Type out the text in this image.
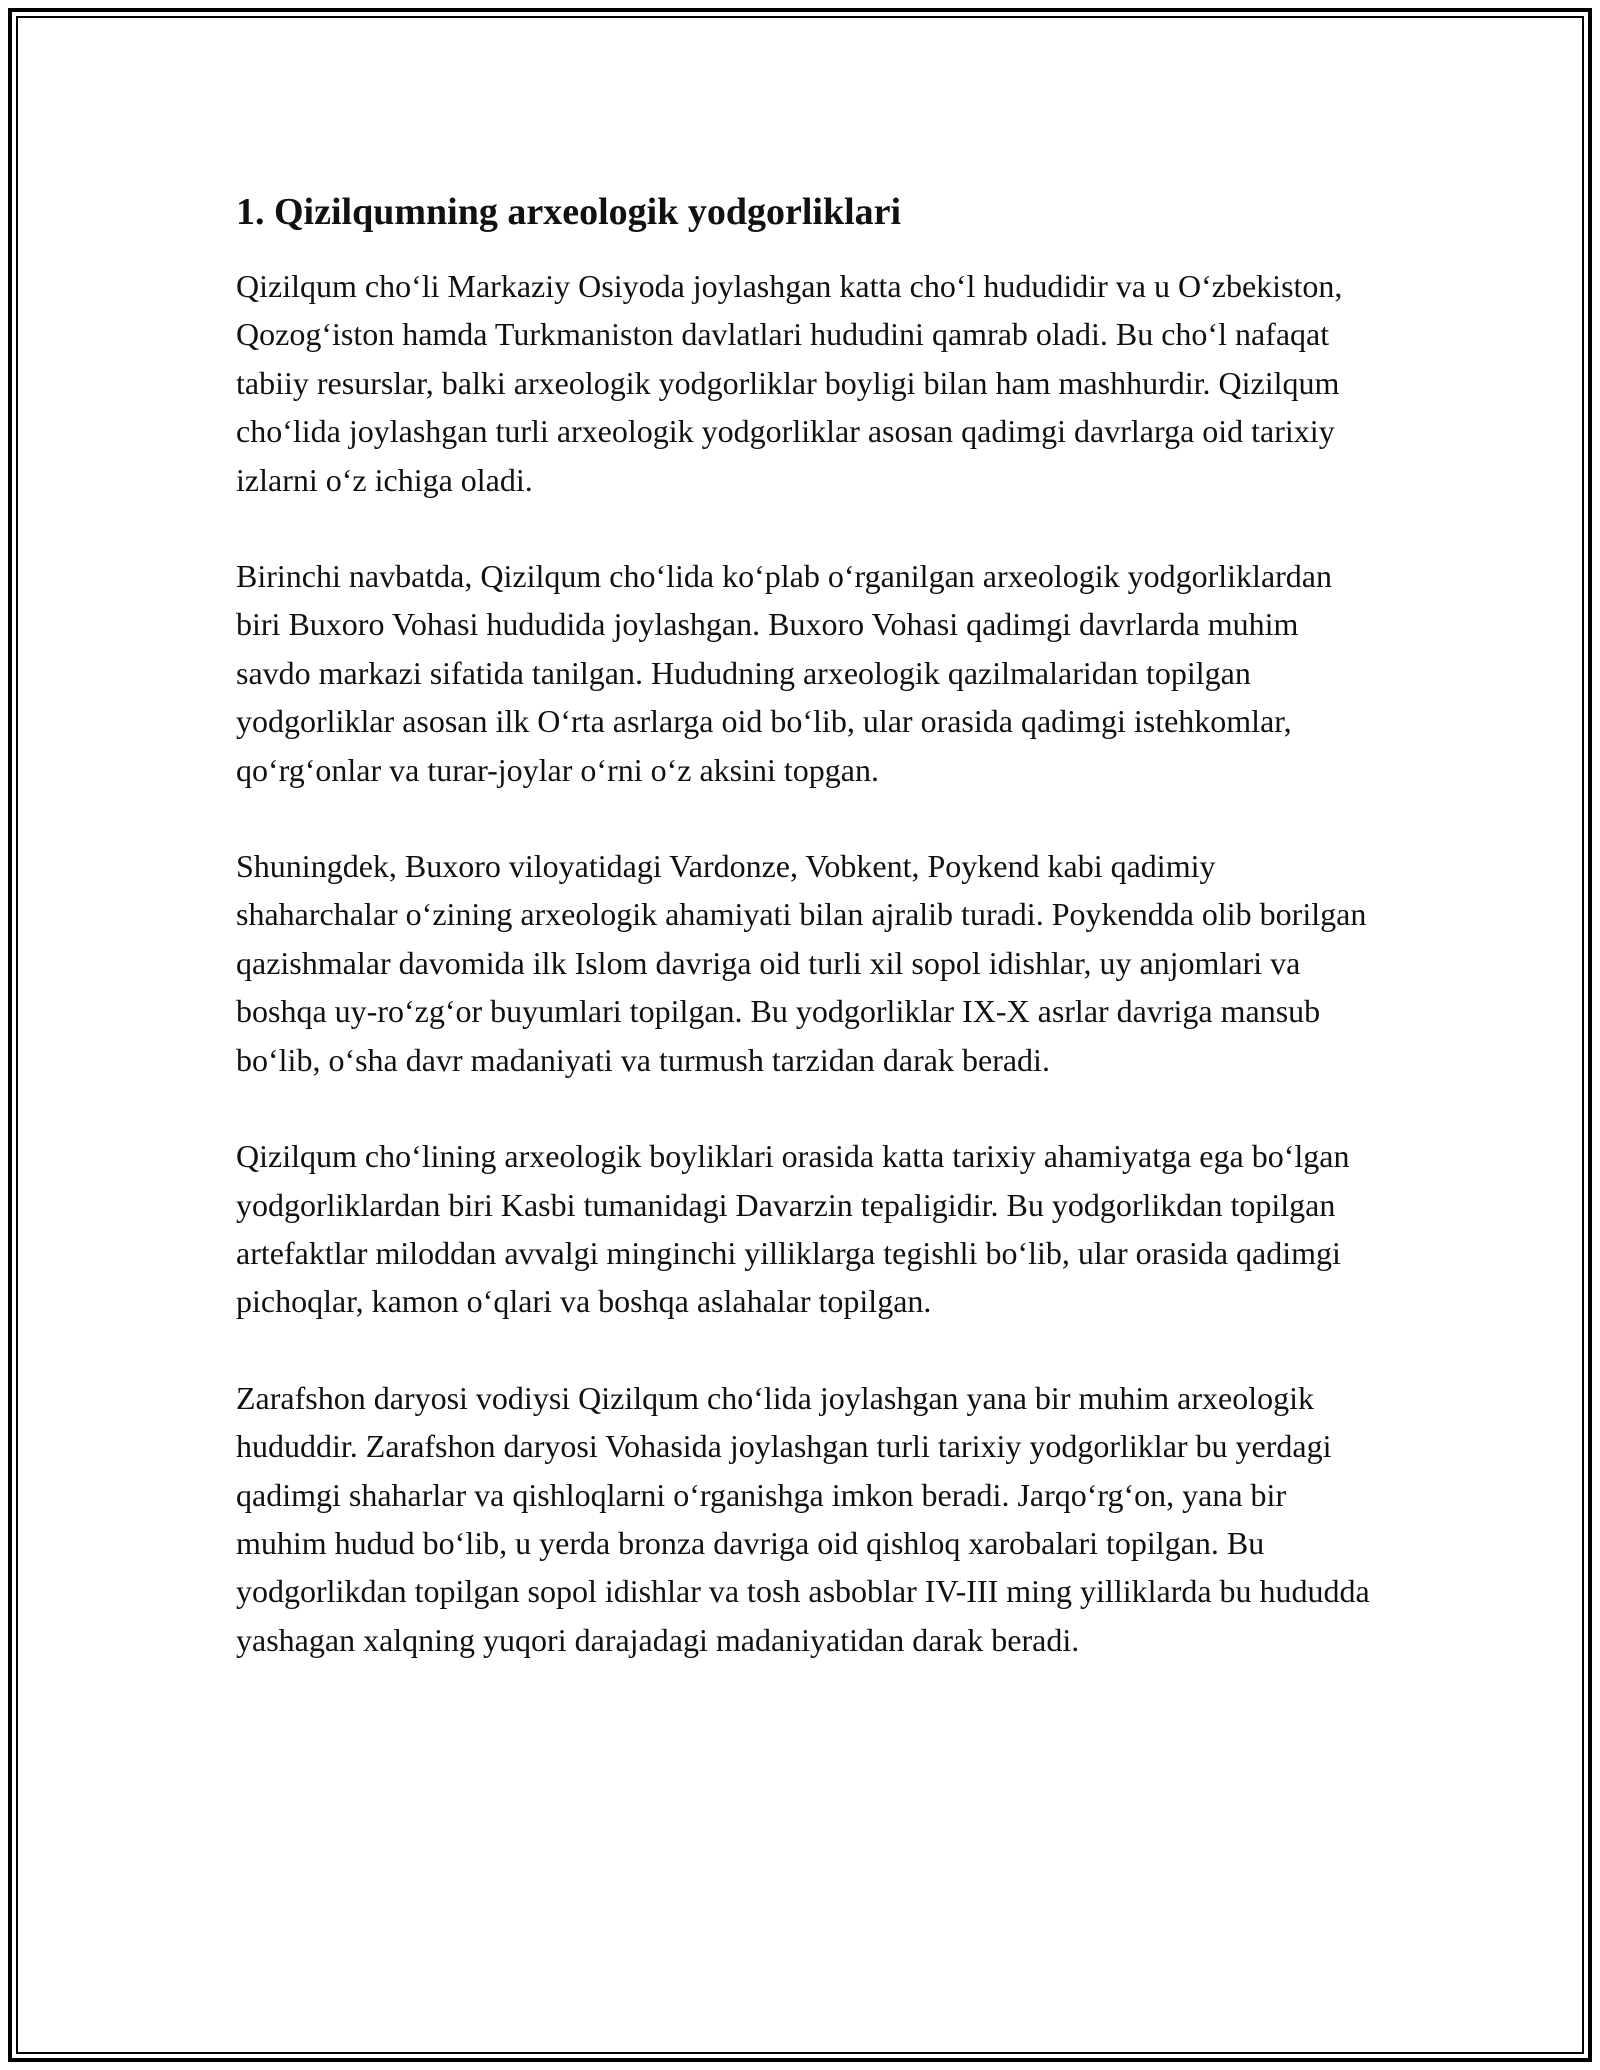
1. Qizilqumning arxeologik yodgorliklari

Qizilqum cho‘li Markaziy Osiyoda joylashgan katta cho‘l hududidir va u O‘zbekiston, Qozog‘iston hamda Turkmaniston davlatlari hududini qamrab oladi. Bu cho‘l nafaqat tabiiy resurslar, balki arxeologik yodgorliklar boyligi bilan ham mashhurdir. Qizilqum cho‘lida joylashgan turli arxeologik yodgorliklar asosan qadimgi davrlarga oid tarixiy izlarni o‘z ichiga oladi.

Birinchi navbatda, Qizilqum cho‘lida ko‘plab o‘rganilgan arxeologik yodgorliklardan biri Buxoro Vohasi hududida joylashgan. Buxoro Vohasi qadimgi davrlarda muhim savdo markazi sifatida tanilgan. Hududning arxeologik qazilmalaridan topilgan yodgorliklar asosan ilk O‘rta asrlarga oid bo‘lib, ular orasida qadimgi istehkomlar, qo‘rg‘onlar va turar-joylar o‘rni o‘z aksini topgan.

Shuningdek, Buxoro viloyatidagi Vardonze, Vobkent, Poykend kabi qadimiy shaharchalar o‘zining arxeologik ahamiyati bilan ajralib turadi. Poykendda olib borilgan qazishmalar davomida ilk Islom davriga oid turli xil sopol idishlar, uy anjomlari va boshqa uy-ro‘zg‘or buyumlari topilgan. Bu yodgorliklar IX-X asrlar davriga mansub bo‘lib, o‘sha davr madaniyati va turmush tarzidan darak beradi.

Qizilqum cho‘lining arxeologik boyliklari orasida katta tarixiy ahamiyatga ega bo‘lgan yodgorliklardan biri Kasbi tumanidagi Davarzin tepaligidir. Bu yodgorlikdan topilgan artefaktlar miloddan avvalgi minginchi yilliklarga tegishli bo‘lib, ular orasida qadimgi pichoqlar, kamon o‘qlari va boshqa aslahalar topilgan.

Zarafshon daryosi vodiysi Qizilqum cho‘lida joylashgan yana bir muhim arxeologik hududdir. Zarafshon daryosi Vohasida joylashgan turli tarixiy yodgorliklar bu yerdagi qadimgi shaharlar va qishloqlarni o‘rganishga imkon beradi. Jarqo‘rg‘on, yana bir muhim hudud bo‘lib, u yerda bronza davriga oid qishloq xarobalari topilgan. Bu yodgorlikdan topilgan sopol idishlar va tosh asboblar IV-III ming yilliklarda bu hududda yashagan xalqning yuqori darajadagi madaniyatidan darak beradi.
